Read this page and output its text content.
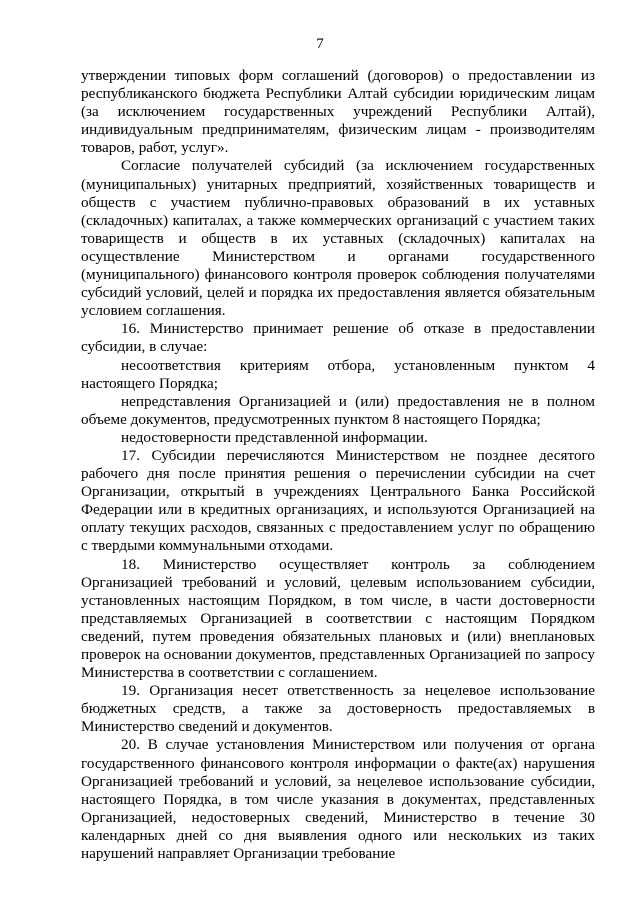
7

утверждении типовых форм соглашений (договоров) о предоставлении из республиканского бюджета Республики Алтай субсидии юридическим лицам (за исключением государственных учреждений Республики Алтай), индивидуальным предпринимателям, физическим лицам - производителям товаров, работ, услуг».

Согласие получателей субсидий (за исключением государственных (муниципальных) унитарных предприятий, хозяйственных товариществ и обществ с участием публично-правовых образований в их уставных (складочных) капиталах, а также коммерческих организаций с участием таких товариществ и обществ в их уставных (складочных) капиталах на осуществление Министерством и органами государственного (муниципального) финансового контроля проверок соблюдения получателями субсидий условий, целей и порядка их предоставления является обязательным условием соглашения.

16. Министерство принимает решение об отказе в предоставлении субсидии, в случае:

несоответствия критериям отбора, установленным пунктом 4 настоящего Порядка;

непредставления Организацией и (или) предоставления не в полном объеме документов, предусмотренных пунктом 8 настоящего Порядка;

недостоверности представленной информации.

17. Субсидии перечисляются Министерством не позднее десятого рабочего дня после принятия решения о перечислении субсидии на счет Организации, открытый в учреждениях Центрального Банка Российской Федерации или в кредитных организациях, и используются Организацией на оплату текущих расходов, связанных с предоставлением услуг по обращению с твердыми коммунальными отходами.

18. Министерство осуществляет контроль за соблюдением Организацией требований и условий, целевым использованием субсидии, установленных настоящим Порядком, в том числе, в части достоверности представляемых Организацией в соответствии с настоящим Порядком сведений, путем проведения обязательных плановых и (или) внеплановых проверок на основании документов, представленных Организацией по запросу Министерства в соответствии с соглашением.

19. Организация несет ответственность за нецелевое использование бюджетных средств, а также за достоверность предоставляемых в Министерство сведений и документов.

20. В случае установления Министерством или получения от органа государственного финансового контроля информации о факте(ах) нарушения Организацией требований и условий, за нецелевое использование субсидии, настоящего Порядка, в том числе указания в документах, представленных Организацией, недостоверных сведений, Министерство в течение 30 календарных дней со дня выявления одного или нескольких из таких нарушений направляет Организации требование
